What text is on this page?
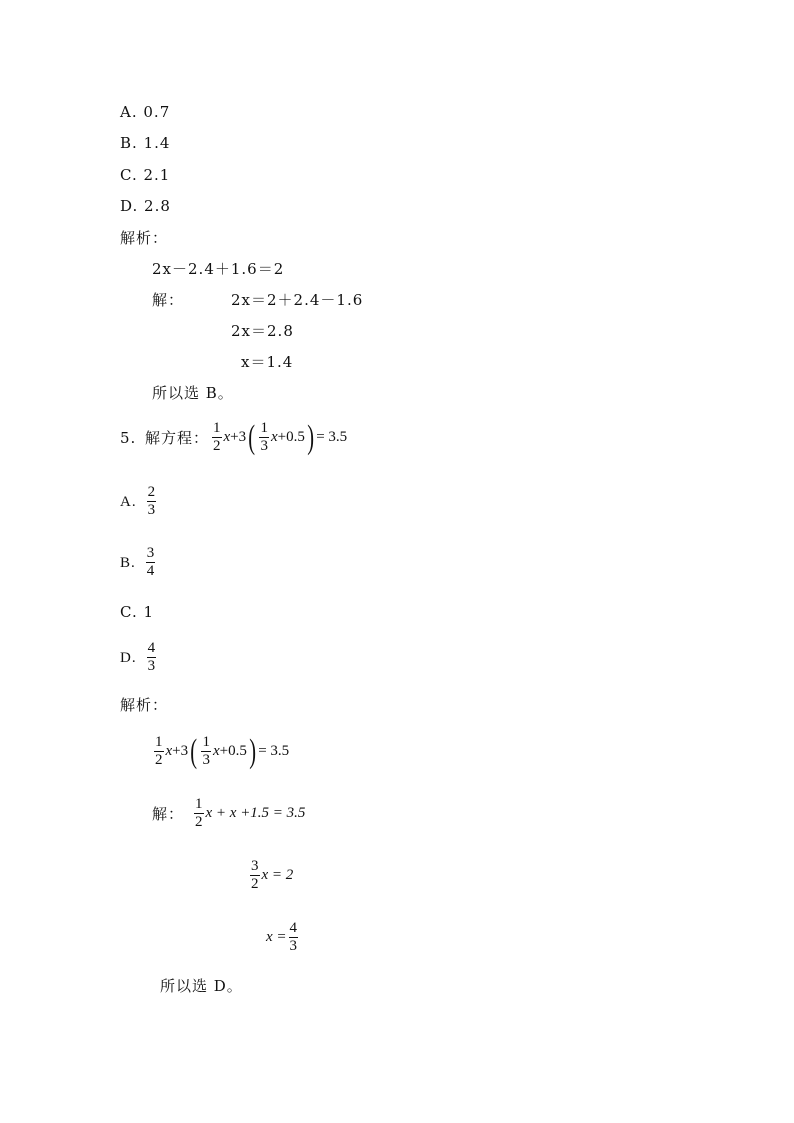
A. 0.7
B. 1.4
C. 2.1
D. 2.8
解析：
2x－2.4＋1.6＝2
解：	2x＝2＋2.4－1.6
2x＝2.8
x＝1.4
所以选 B。
5. 解方程： $\frac{1}{2}$ x +3 ( $\frac{1}{3}$ x +0.5 ) = 3.5
A. $\frac{2}{3}$
B. $\frac{3}{4}$
C. 1
D. $\frac{4}{3}$
解析：
$\frac{1}{2}$ x +3 ( $\frac{1}{3}$ x +0.5 ) = 3.5
解： $\frac{1}{2}$ x + x +1.5 = 3.5
$\frac{3}{2}$ x = 2
$x = \frac{4}{3}$
所以选 D。
